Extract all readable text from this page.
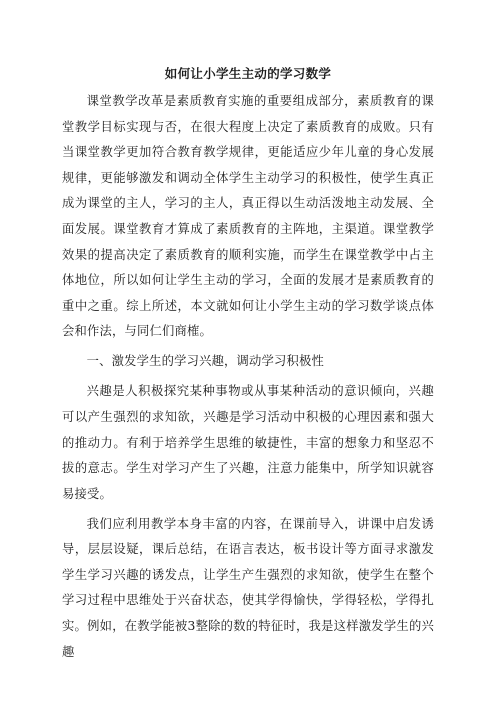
如何让小学生主动的学习数学

课堂教学改革是素质教育实施的重要组成部分，素质教育的课堂教学目标实现与否，在很大程度上决定了素质教育的成败。只有当课堂教学更加符合教育教学规律，更能适应少年儿童的身心发展规律，更能够激发和调动全体学生主动学习的积极性，使学生真正成为课堂的主人，学习的主人，真正得以生动活泼地主动发展、全面发展。课堂教育才算成了素质教育的主阵地，主渠道。课堂教学效果的提高决定了素质教育的顺利实施，而学生在课堂教学中占主体地位，所以如何让学生主动的学习，全面的发展才是素质教育的重中之重。综上所述，本文就如何让小学生主动的学习数学谈点体会和作法，与同仁们商榷。

一、激发学生的学习兴趣，调动学习积极性

兴趣是人积极探究某种事物或从事某种活动的意识倾向，兴趣可以产生强烈的求知欲，兴趣是学习活动中积极的心理因素和强大的推动力。有利于培养学生思维的敏捷性，丰富的想象力和坚忍不拔的意志。学生对学习产生了兴趣，注意力能集中，所学知识就容易接受。

我们应利用教学本身丰富的内容，在课前导入，讲课中启发诱导，层层设疑，课后总结，在语言表达，板书设计等方面寻求激发学生学习兴趣的诱发点，让学生产生强烈的求知欲，使学生在整个学习过程中思维处于兴奋状态，使其学得愉快，学得轻松，学得扎实。例如，在教学能被3整除的数的特征时，我是这样激发学生的兴趣
